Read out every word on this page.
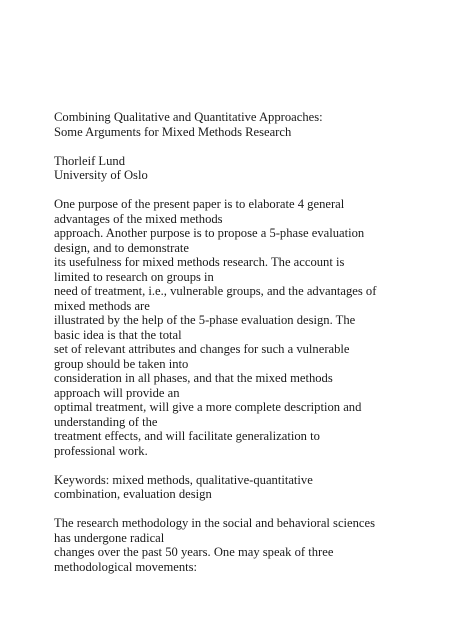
Combining Qualitative and Quantitative Approaches:
Some Arguments for Mixed Methods Research
Thorleif Lund
University of Oslo
One purpose of the present paper is to elaborate 4 general
advantages of the mixed methods
approach. Another purpose is to propose a 5-phase evaluation
design, and to demonstrate
its usefulness for mixed methods research. The account is
limited to research on groups in
need of treatment, i.e., vulnerable groups, and the advantages of
mixed methods are
illustrated by the help of the 5-phase evaluation design. The
basic idea is that the total
set of relevant attributes and changes for such a vulnerable
group should be taken into
consideration in all phases, and that the mixed methods
approach will provide an
optimal treatment, will give a more complete description and
understanding of the
treatment effects, and will facilitate generalization to
professional work.
Keywords: mixed methods, qualitative-quantitative
combination, evaluation design
The research methodology in the social and behavioral sciences
has undergone radical
changes over the past 50 years. One may speak of three
methodological movements:
